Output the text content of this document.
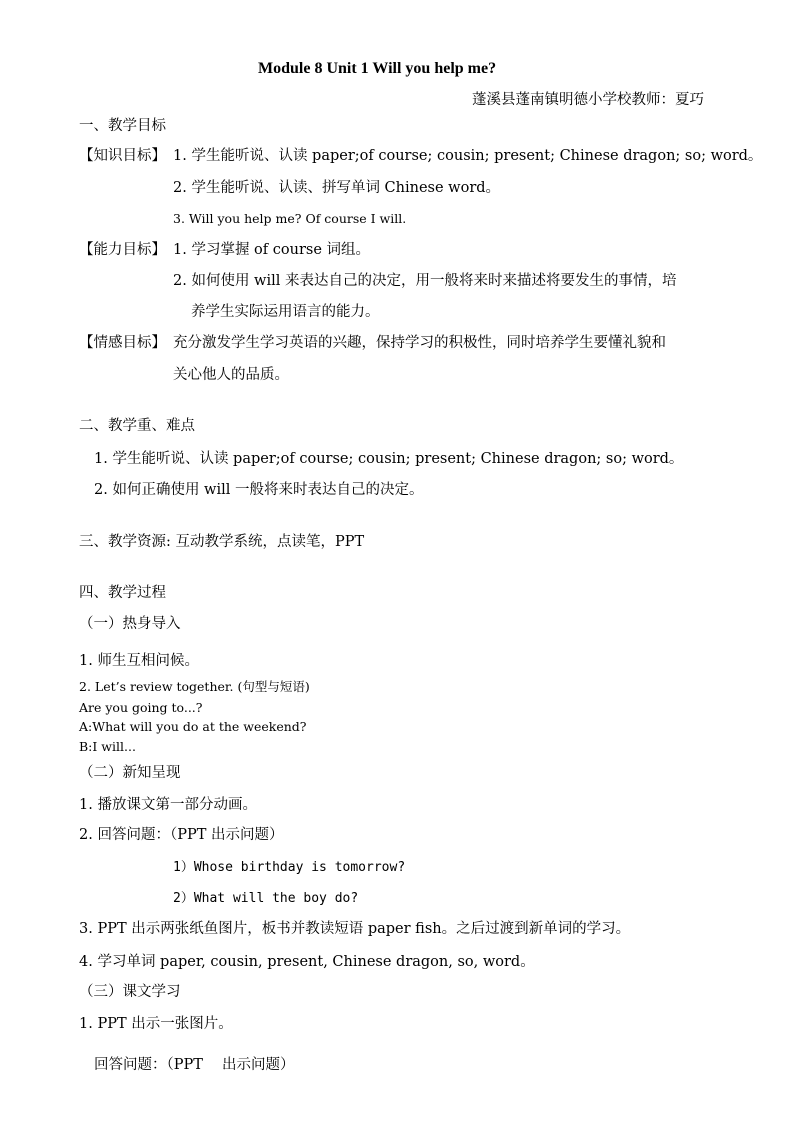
Module 8 Unit 1 Will you help me?
蓬溪县蓬南镇明德小学校教师：夏巧
一、教学目标
【知识目标】 1. 学生能听说、认读 paper;of course; cousin; present; Chinese dragon; so; word。
2. 学生能听说、认读、拼写单词 Chinese word。
3. Will you help me? Of course I will.
【能力目标】 1. 学习掌握 of course 词组。
2. 如何使用 will 来表达自己的决定，用一般将来时来描述将要发生的事情，培
养学生实际运用语言的能力。
【情感目标】 充分激发学生学习英语的兴趣，保持学习的积极性，同时培养学生要懂礼貌和
关心他人的品质。
二、教学重、难点
1. 学生能听说、认读 paper;of course; cousin; present; Chinese dragon; so; word。
2. 如何正确使用 will 一般将来时表达自己的决定。
三、教学资源: 互动教学系统，点读笔，PPT
四、教学过程
（一）热身导入
1. 师生互相问候。
2. Let’s review together. (句型与短语)
Are you going to...?
A:What will you do at the weekend?
B:I will...
（二）新知呈现
1. 播放课文第一部分动画。
2. 回答问题：（PPT 出示问题）
1）Whose birthday is tomorrow?
2）What will the boy do?
3. PPT 出示两张纸鱼图片，板书并教读短语 paper fish。之后过渡到新单词的学习。
4. 学习单词 paper, cousin, present, Chinese dragon, so, word。
（三）课文学习
1. PPT 出示一张图片。
回答问题：（PPT　 出示问题）
